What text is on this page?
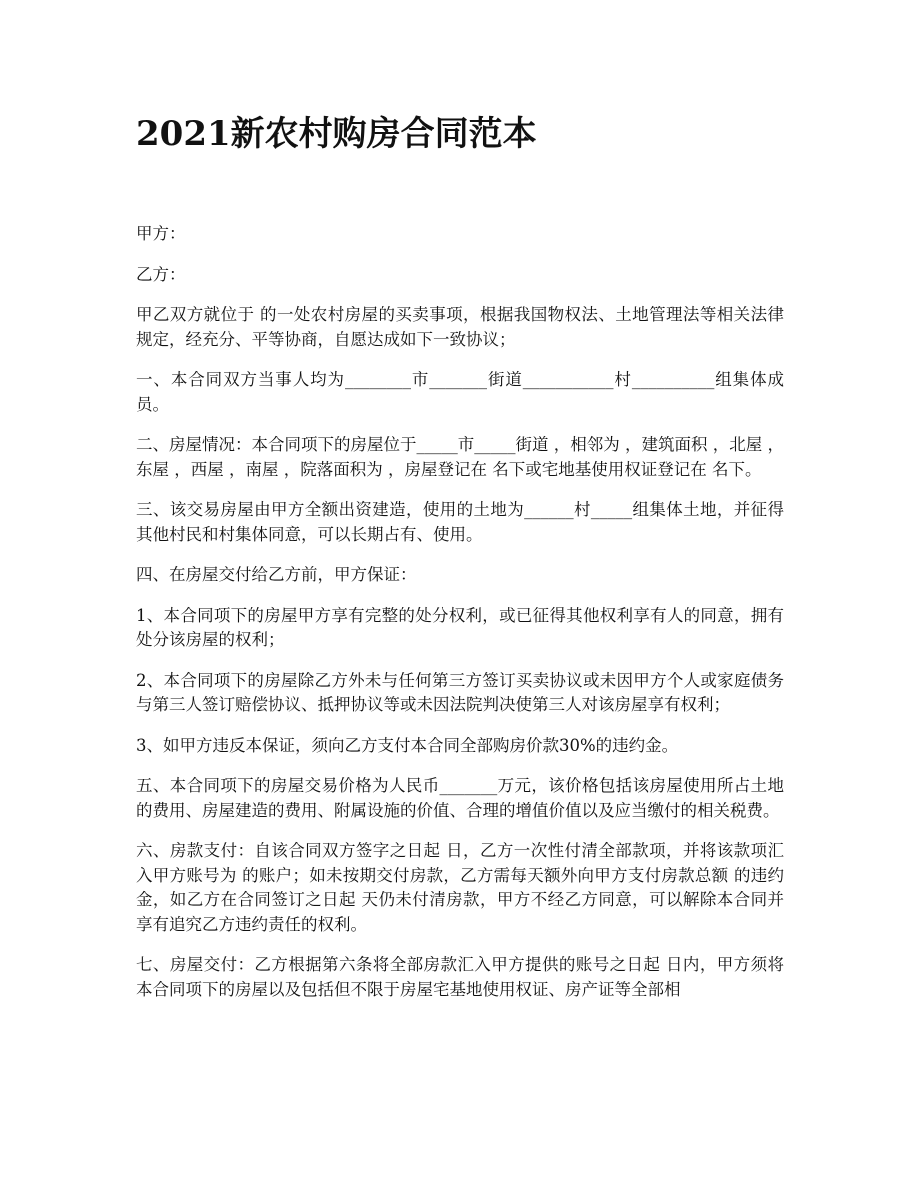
2021新农村购房合同范本

甲方：

乙方：

甲乙双方就位于 的一处农村房屋的买卖事项，根据我国物权法、土地管理法等相关法律规定，经充分、平等协商，自愿达成如下一致协议；

一、本合同双方当事人均为________市_______街道___________村__________组集体成员。

二、房屋情况：本合同项下的房屋位于_____市_____街道 ，相邻为 ，建筑面积 ，北屋 ，东屋 ，西屋 ，南屋 ，院落面积为 ，房屋登记在 名下或宅地基使用权证登记在 名下。

三、该交易房屋由甲方全额出资建造，使用的土地为______村_____组集体土地，并征得其他村民和村集体同意，可以长期占有、使用。

四、在房屋交付给乙方前，甲方保证：

1、本合同项下的房屋甲方享有完整的处分权利，或已征得其他权利享有人的同意，拥有处分该房屋的权利；

2、本合同项下的房屋除乙方外未与任何第三方签订买卖协议或未因甲方个人或家庭债务与第三人签订赔偿协议、抵押协议等或未因法院判决使第三人对该房屋享有权利；

3、如甲方违反本保证，须向乙方支付本合同全部购房价款30%的违约金。

五、本合同项下的房屋交易价格为人民币_______万元，该价格包括该房屋使用所占土地的费用、房屋建造的费用、附属设施的价值、合理的增值价值以及应当缴付的相关税费。

六、房款支付：自该合同双方签字之日起 日，乙方一次性付清全部款项，并将该款项汇入甲方账号为 的账户；如未按期交付房款，乙方需每天额外向甲方支付房款总额 的违约金，如乙方在合同签订之日起 天仍未付清房款，甲方不经乙方同意，可以解除本合同并享有追究乙方违约责任的权利。

七、房屋交付：乙方根据第六条将全部房款汇入甲方提供的账号之日起 日内，甲方须将本合同项下的房屋以及包括但不限于房屋宅基地使用权证、房产证等全部相
